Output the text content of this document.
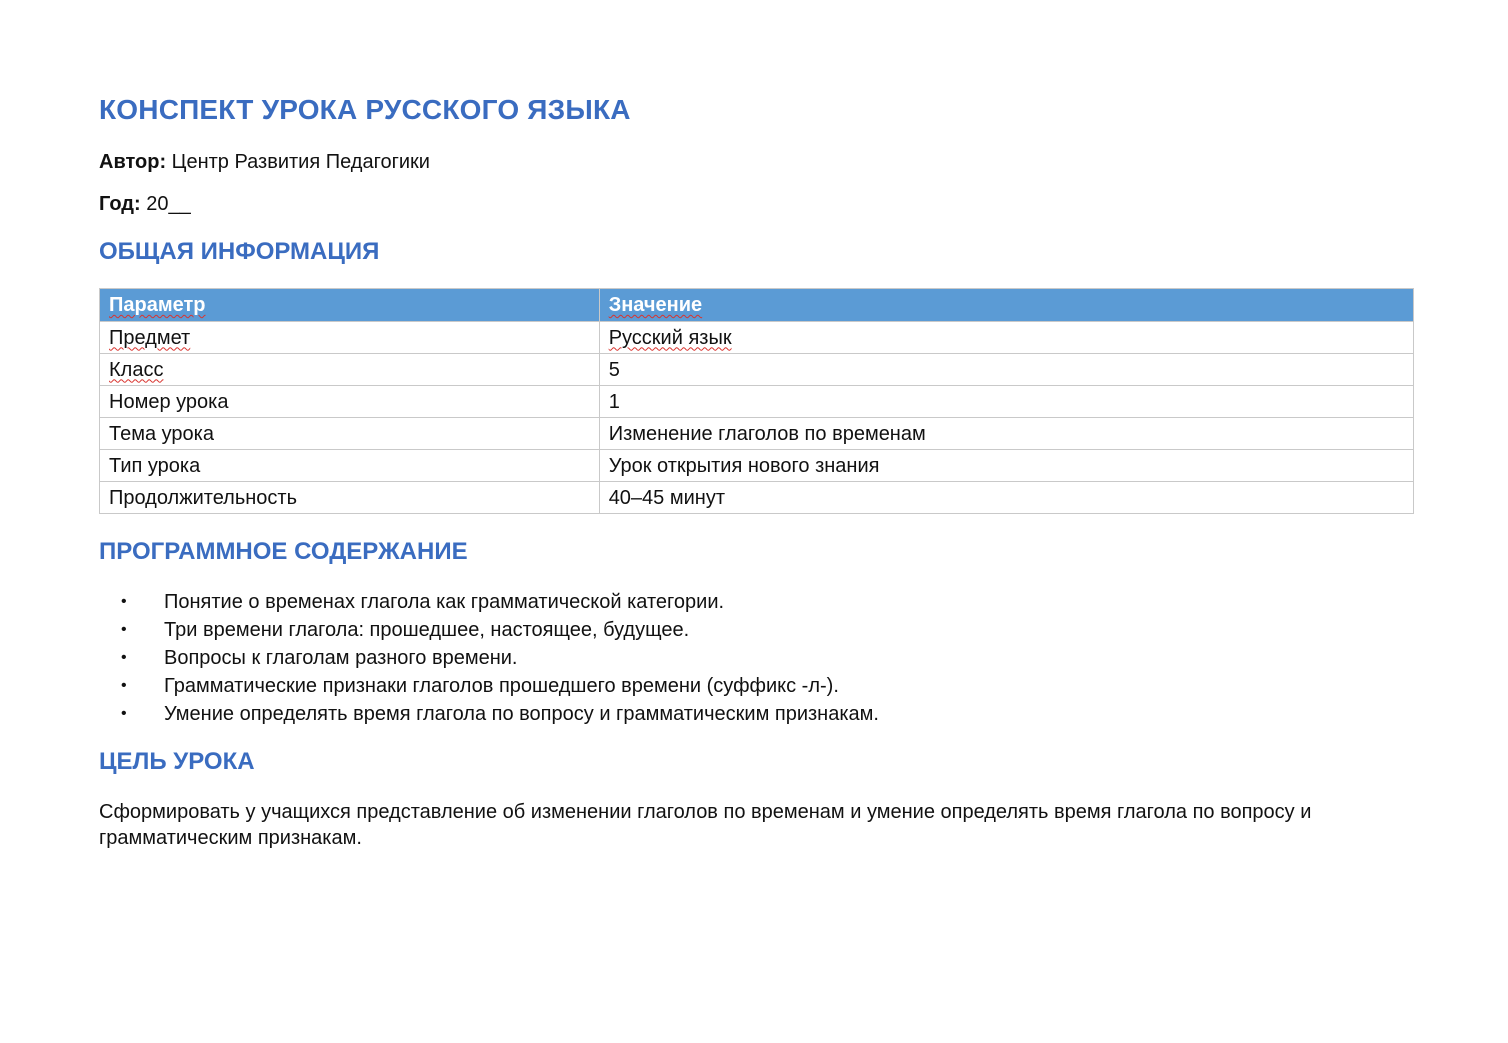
КОНСПЕКТ УРОКА РУССКОГО ЯЗЫКА

Автор: Центр Развития Педагогики

Год: 20__

ОБЩАЯ ИНФОРМАЦИЯ
Параметр	Значение
Предмет	Русский язык
Класс	5
Номер урока	1
Тема урока	Изменение глаголов по временам
Тип урока	Урок открытия нового знания
Продолжительность	40–45 минут
ПРОГРАММНОЕ СОДЕРЖАНИЕ
• Понятие о временах глагола как грамматической категории.
• Три времени глагола: прошедшее, настоящее, будущее.
• Вопросы к глаголам разного времени.
• Грамматические признаки глаголов прошедшего времени (суффикс -л-).
• Умение определять время глагола по вопросу и грамматическим признакам.
ЦЕЛЬ УРОКА

Сформировать у учащихся представление об изменении глаголов по временам и умение определять время глагола по вопросу и грамматическим признакам.
